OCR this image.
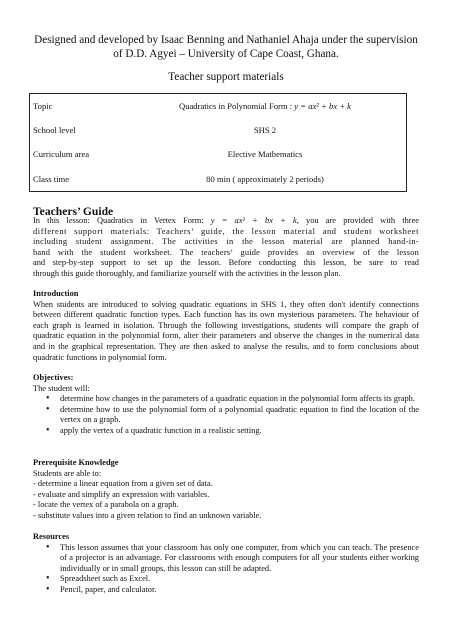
Designed and developed by Isaac Benning and Nathaniel Ahaja under the supervision
of D.D. Agyei – University of Cape Coast, Ghana.
Teacher support materials
Topic	Quadratics in Polynomial Form : y = ax² + bx + k
School level	SHS 2
Curriculum area	Elective Mathematics
Class time	80 min ( approximately 2 periods)
Teachers’ Guide
In this lesson: Quadratics in Vertex Form: y = ax² + bx + k, you are provided with three
different support materials: Teachers’ guide, the lesson material and student worksheet
including student assignment. The activities in the lesson material are planned hand-in-
hand with the student worksheet. The teachers’ guide provides an overview of the lesson
and step-by-step support to set up the lesson. Before conducting this lesson, be sure to read
through this guide thoroughly, and familiarize yourself with the activities in the lesson plan.
Introduction
When students are introduced to solving quadratic equations in SHS 1, they often don't identify connections between different quadratic function types. Each function has its own mysterious parameters. The behaviour of each graph is learned in isolation. Through the following investigations, students will compare the graph of quadratic equation in the polynomial form, alter their parameters and observe the changes in the numerical data and in the graphical representation. They are then asked to analyse the results, and to form conclusions about quadratic functions in polynomial form.
Objectives:
The student will:
• determine how changes in the parameters of a quadratic equation in the polynomial form affects its graph.
• determine how to use the polynomial form of a polynomial quadratic equation to find the location of the vertex on a graph.
• apply the vertex of a quadratic function in a realistic setting.
Prerequisite Knowledge
Students are able to:
- determine a linear equation from a given set of data.
- evaluate and simplify an expression with variables.
- locate the vertex of a parabola on a graph.
- substitute values into a given relation to find an unknown variable.
Resources
• This lesson assumes that your classroom has only one computer, from which you can teach. The presence of a projector is an advantage. For classrooms with enough computers for all your students either working individually or in small groups, this lesson can still be adapted.
• Spreadsheet such as Excel.
• Pencil, paper, and calculator.
